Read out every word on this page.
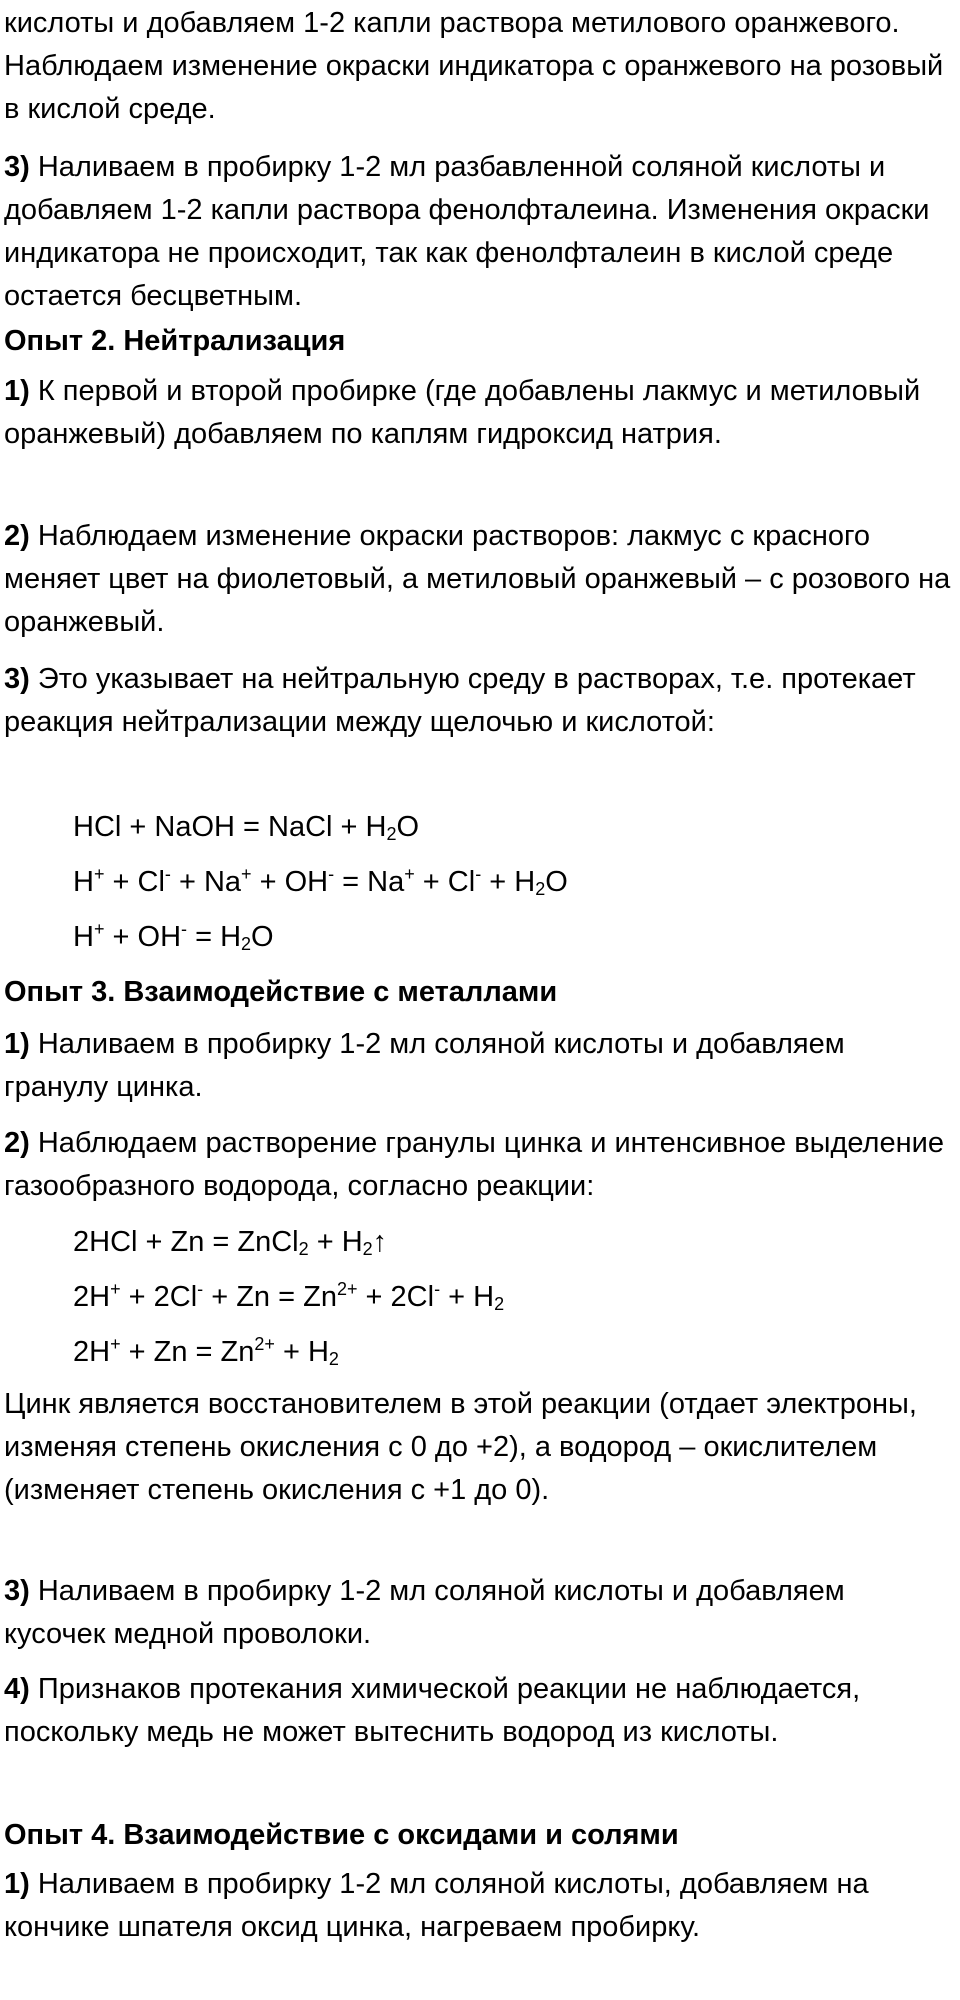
кислоты и добавляем 1-2 капли раствора метилового оранжевого. Наблюдаем изменение окраски индикатора с оранжевого на розовый в кислой среде.

3) Наливаем в пробирку 1-2 мл разбавленной соляной кислоты и добавляем 1-2 капли раствора фенолфталеина. Изменения окраски индикатора не происходит, так как фенолфталеин в кислой среде остается бесцветным.

Опыт 2. Нейтрализация

1) К первой и второй пробирке (где добавлены лакмус и метиловый оранжевый) добавляем по каплям гидроксид натрия.

2) Наблюдаем изменение окраски растворов: лакмус с красного меняет цвет на фиолетовый, а метиловый оранжевый – с розового на оранжевый.

3) Это указывает на нейтральную среду в растворах, т.е. протекает реакция нейтрализации между щелочью и кислотой:

HCl + NaOH = NaCl + $H_2O$

$H^+ + Cl^- + Na^+ + OH^- = Na^+ + Cl^- + H_2O$

$H^+ + OH^- = H_2O$

Опыт 3. Взаимодействие с металлами

1) Наливаем в пробирку 1-2 мл соляной кислоты и добавляем гранулу цинка.

2) Наблюдаем растворение гранулы цинка и интенсивное выделение газообразного водорода, согласно реакции:

2HCl + Zn = ZnCl$_2$ + $H_2↑$

$2H^+ + 2Cl^- + Zn = Zn^{2+} + 2Cl^- + H_2$

$2H^+ + Zn = Zn^{2+} + H_2$

Цинк является восстановителем в этой реакции (отдает электроны, изменяя степень окисления с 0 до +2), а водород – окислителем (изменяет степень окисления с +1 до 0).

3) Наливаем в пробирку 1-2 мл соляной кислоты и добавляем кусочек медной проволоки.

4) Признаков протекания химической реакции не наблюдается, поскольку медь не может вытеснить водород из кислоты.

Опыт 4. Взаимодействие с оксидами и солями

1) Наливаем в пробирку 1-2 мл соляной кислоты, добавляем на кончике шпателя оксид цинка, нагреваем пробирку.
